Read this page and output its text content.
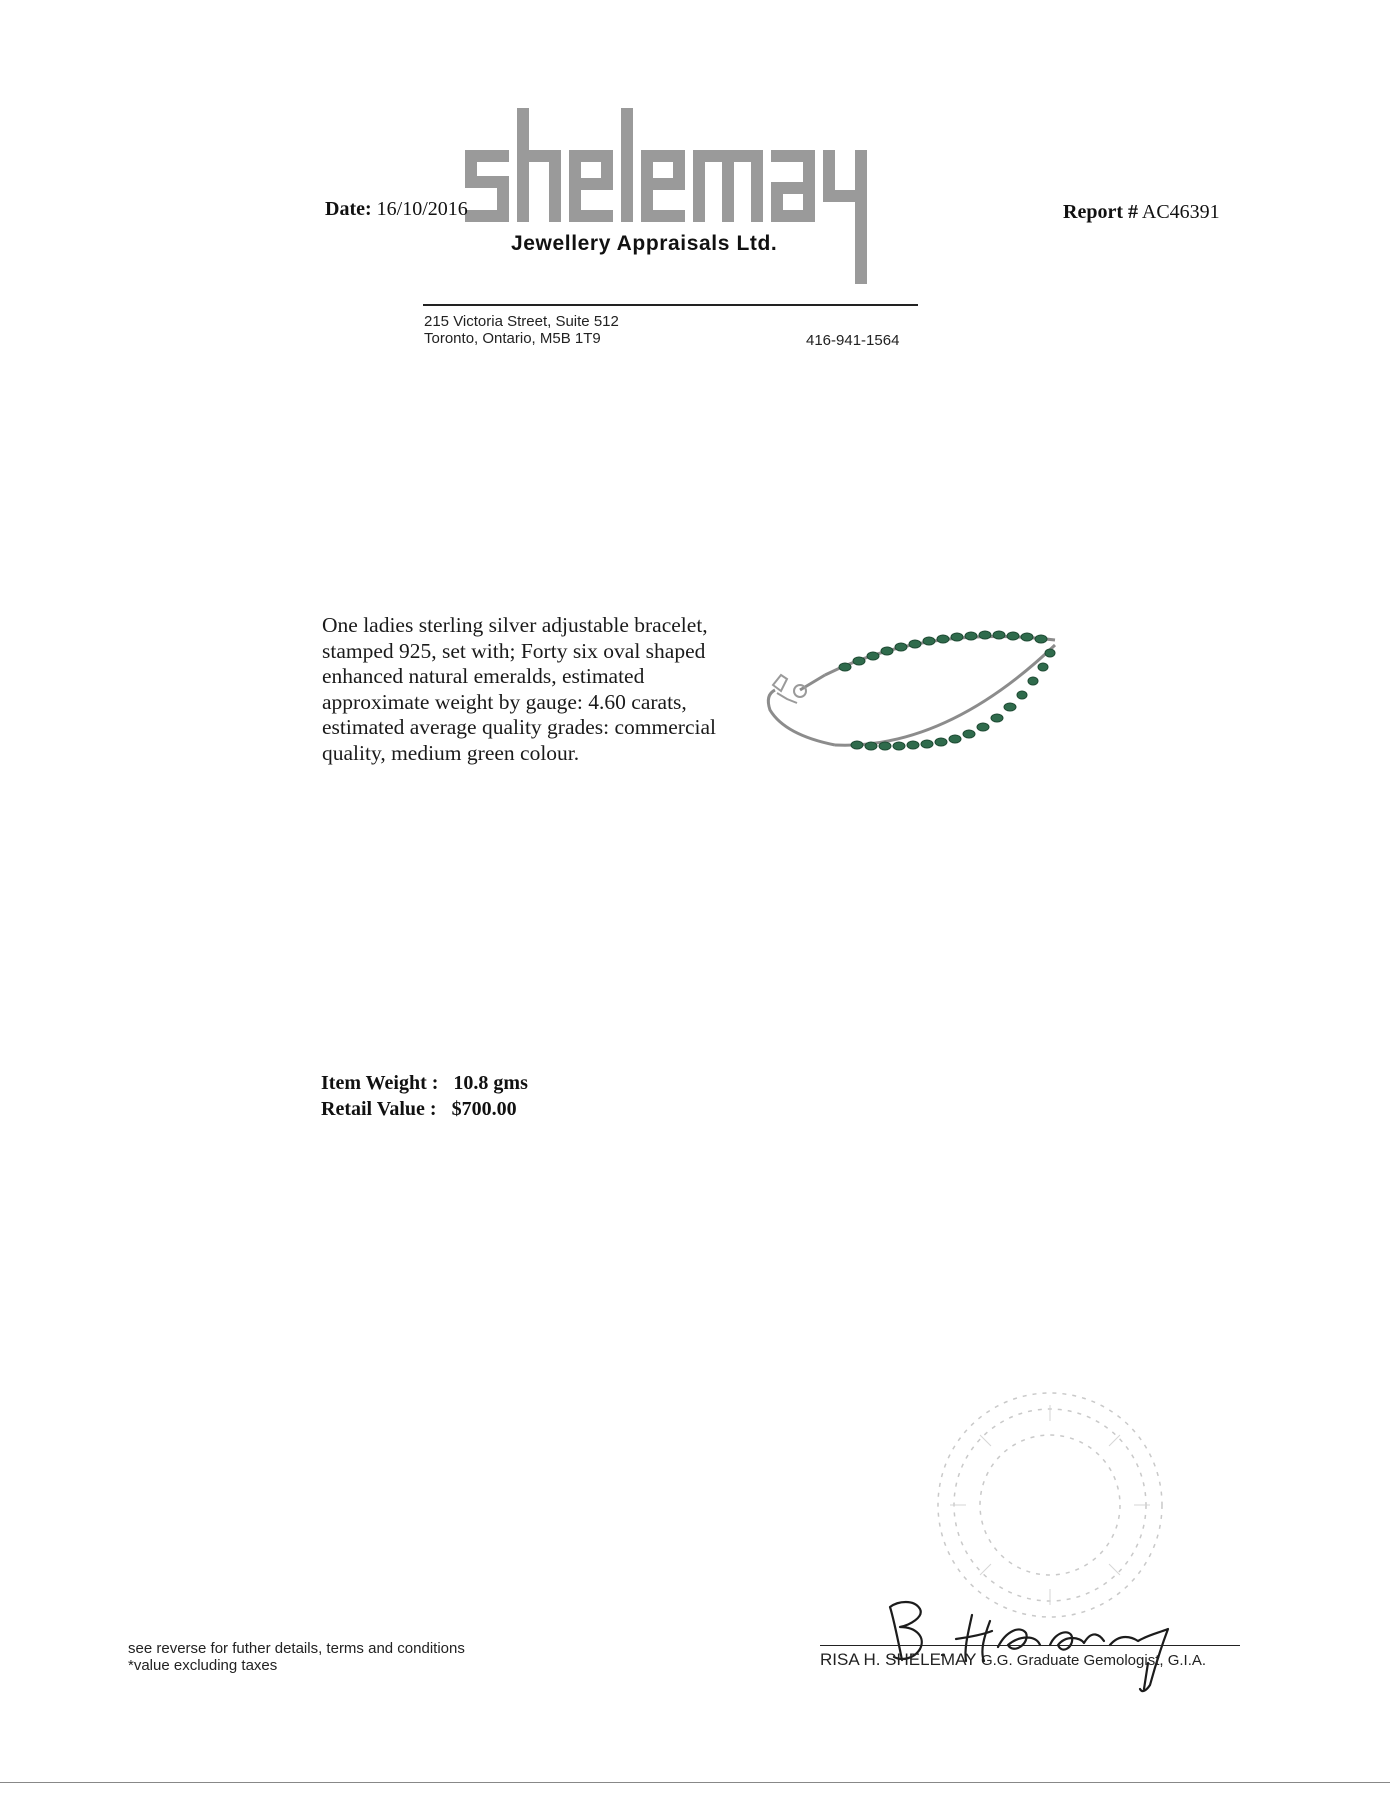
Date: 16/10/2016
Jewellery Appraisals Ltd.
Report # AC46391
215 Victoria Street, Suite 512
Toronto, Ontario, M5B 1T9	416-941-1564
One ladies sterling silver adjustable bracelet, stamped 925, set with; Forty six oval shaped enhanced natural emeralds, estimated approximate weight by gauge: 4.60 carats, estimated average quality grades: commercial quality, medium green colour.
Item Weight : 10.8 gms
Retail Value : $700.00
RISA H. SHELEMAY G.G. Graduate Gemologist, G.I.A.
see reverse for futher details, terms and conditions
*value excluding taxes
